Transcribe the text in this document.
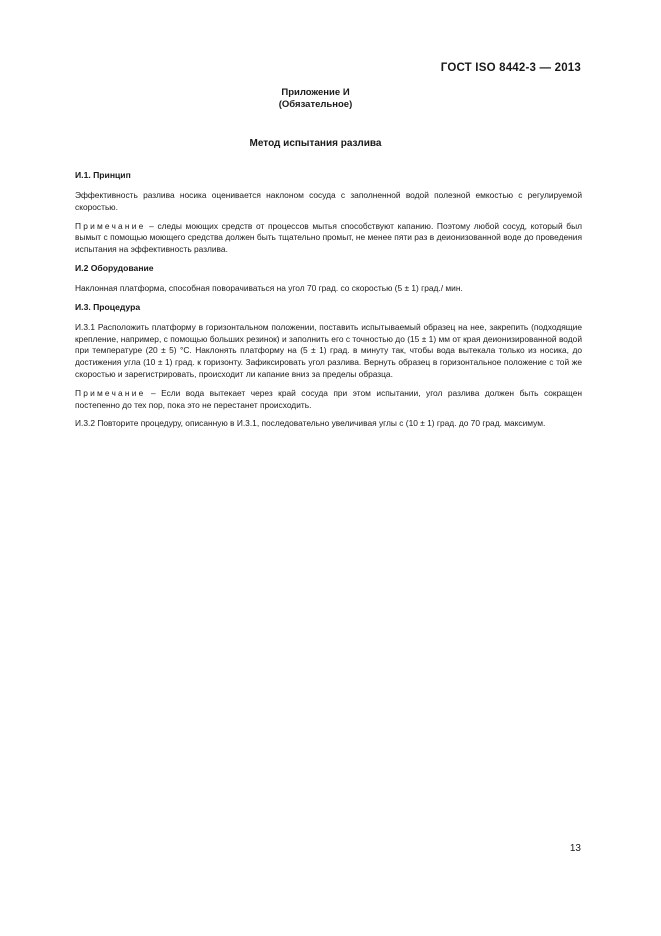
ГОСТ ISO 8442-3 — 2013
Приложение И
(Обязательное)
Метод испытания разлива
И.1. Принцип

Эффективность разлива носика оценивается наклоном сосуда с заполненной водой полезной емкостью с регулируемой скоростью.

Примечание – следы моющих средств от процессов мытья способствуют капанию. Поэтому любой сосуд, который был вымыт с помощью моющего средства должен быть тщательно промыт, не менее пяти раз в деионизованной воде до проведения испытания на эффективность разлива.

И.2 Оборудование

Наклонная платформа, способная поворачиваться на угол 70 град. со скоростью (5 ± 1) град./ мин.

И.3. Процедура

И.3.1 Расположить платформу в горизонтальном положении, поставить испытываемый образец на нее, закрепить (подходящие крепление, например, с помощью больших резинок) и заполнить его с точностью до (15 ± 1) мм от края деионизированной водой при температуре (20 ± 5) °С. Наклонять платформу на (5 ± 1) град. в минуту так, чтобы вода вытекала только из носика, до достижения угла (10 ± 1) град. к горизонту. Зафиксировать угол разлива. Вернуть образец в горизонтальное положение с той же скоростью и зарегистрировать, происходит ли капание вниз за пределы образца.

Примечание – Если вода вытекает через край сосуда при этом испытании, угол разлива должен быть сокращен постепенно до тех пор, пока это не перестанет происходить.

И.3.2 Повторите процедуру, описанную в И.3.1, последовательно увеличивая углы с (10 ± 1) град. до 70 град. максимум.

13
